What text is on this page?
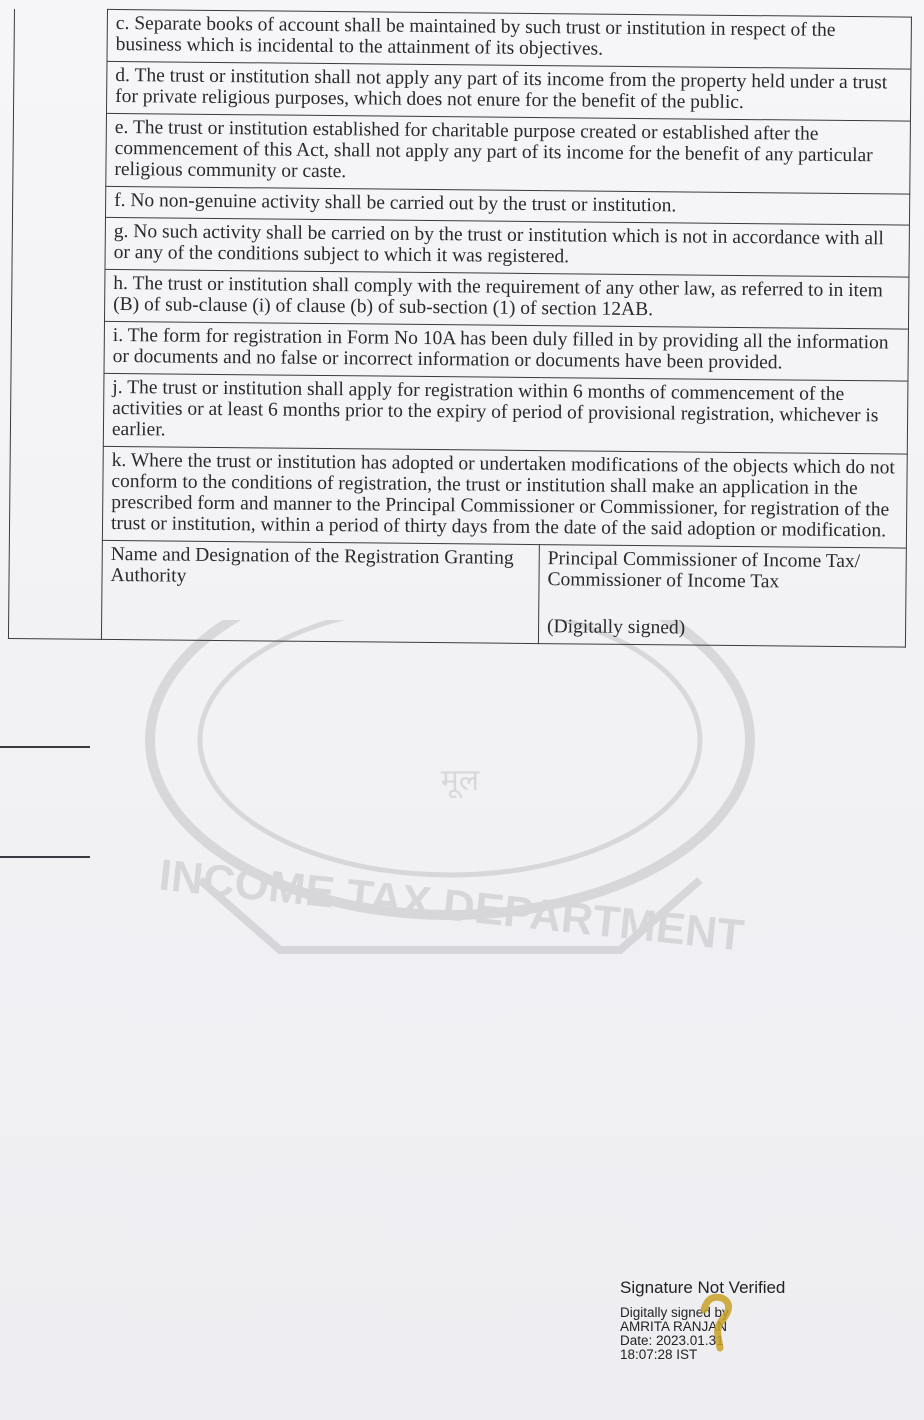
INCOME TAX DEPARTMENT
मूल
	c. Separate books of account shall be maintained by such trust or institution in respect of the business which is incidental to the attainment of its objectives.	
	d. The trust or institution shall not apply any part of its income from the property held under a trust for private religious purposes, which does not enure for the benefit of the public.	
	e. The trust or institution established for charitable purpose created or established after the commencement of this Act, shall not apply any part of its income for the benefit of any particular religious community or caste.	
	f. No non-genuine activity shall be carried out by the trust or institution.	
	g. No such activity shall be carried on by the trust or institution which is not in accordance with all or any of the conditions subject to which it was registered.	
	h. The trust or institution shall comply with the requirement of any other law, as referred to in item (B) of sub-clause (i) of clause (b) of sub-section (1) of section 12AB.	
	i. The form for registration in Form No 10A has been duly filled in by providing all the information or documents and no false or incorrect information or documents have been provided.	
	j. The trust or institution shall apply for registration within 6 months of commencement of the activities or at least 6 months prior to the expiry of period of provisional registration, whichever is earlier.	
	k. Where the trust or institution has adopted or undertaken modifications of the objects which do not conform to the conditions of registration, the trust or institution shall make an application in the prescribed form and manner to the Principal Commissioner or Commissioner, for registration of the trust or institution, within a period of thirty days from the date of the said adoption or modification.	
	Name and Designation of the Registration Granting Authority	Principal Commissioner of Income Tax/ Commissioner of Income Tax
(Digitally signed)
Signature Not Verified
Digitally signed by
AMRITA RANJAN
Date: 2023.01.31
18:07:28 IST
